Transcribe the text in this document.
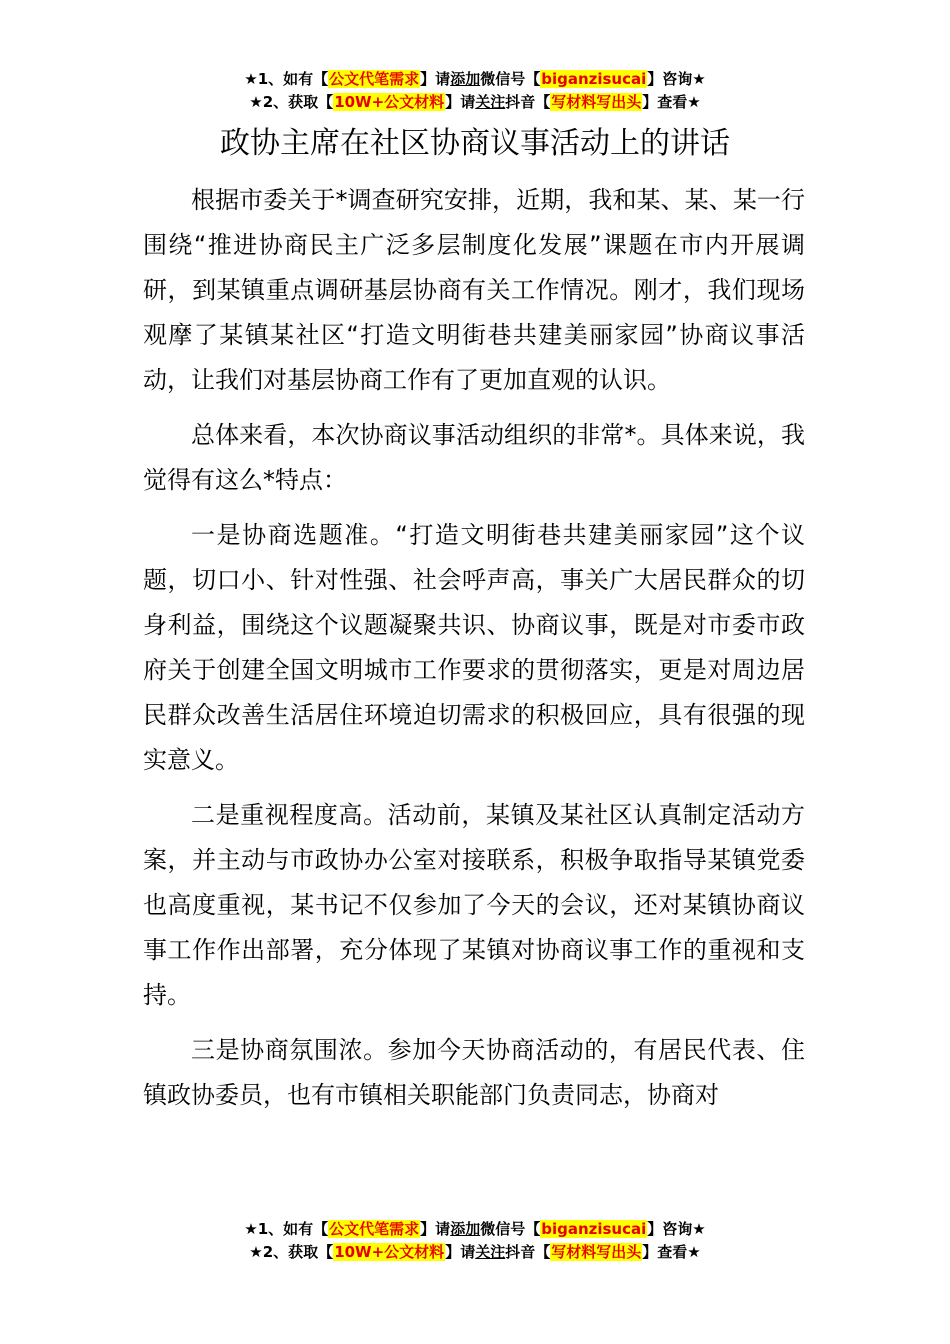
★1、如有【公文代笔需求】请添加微信号【biganzisucai】咨询★
★2、获取【10W+公文材料】请关注抖音【写材料写出头】查看★
政协主席在社区协商议事活动上的讲话

根据市委关于*调查研究安排，近期，我和某、某、某一行围绕“推进协商民主广泛多层制度化发展”课题在市内开展调研，到某镇重点调研基层协商有关工作情况。刚才，我们现场观摩了某镇某社区“打造文明街巷共建美丽家园”协商议事活动，让我们对基层协商工作有了更加直观的认识。

总体来看，本次协商议事活动组织的非常*。具体来说，我觉得有这么*特点：

一是协商选题准。“打造文明街巷共建美丽家园”这个议题，切口小、针对性强、社会呼声高，事关广大居民群众的切身利益，围绕这个议题凝聚共识、协商议事，既是对市委市政府关于创建全国文明城市工作要求的贯彻落实，更是对周边居民群众改善生活居住环境迫切需求的积极回应，具有很强的现实意义。

二是重视程度高。活动前，某镇及某社区认真制定活动方案，并主动与市政协办公室对接联系，积极争取指导某镇党委也高度重视，某书记不仅参加了今天的会议，还对某镇协商议事工作作出部署，充分体现了某镇对协商议事工作的重视和支持。

三是协商氛围浓。参加今天协商活动的，有居民代表、住镇政协委员，也有市镇相关职能部门负责同志，协商对

★1、如有【公文代笔需求】请添加微信号【biganzisucai】咨询★
★2、获取【10W+公文材料】请关注抖音【写材料写出头】查看★
